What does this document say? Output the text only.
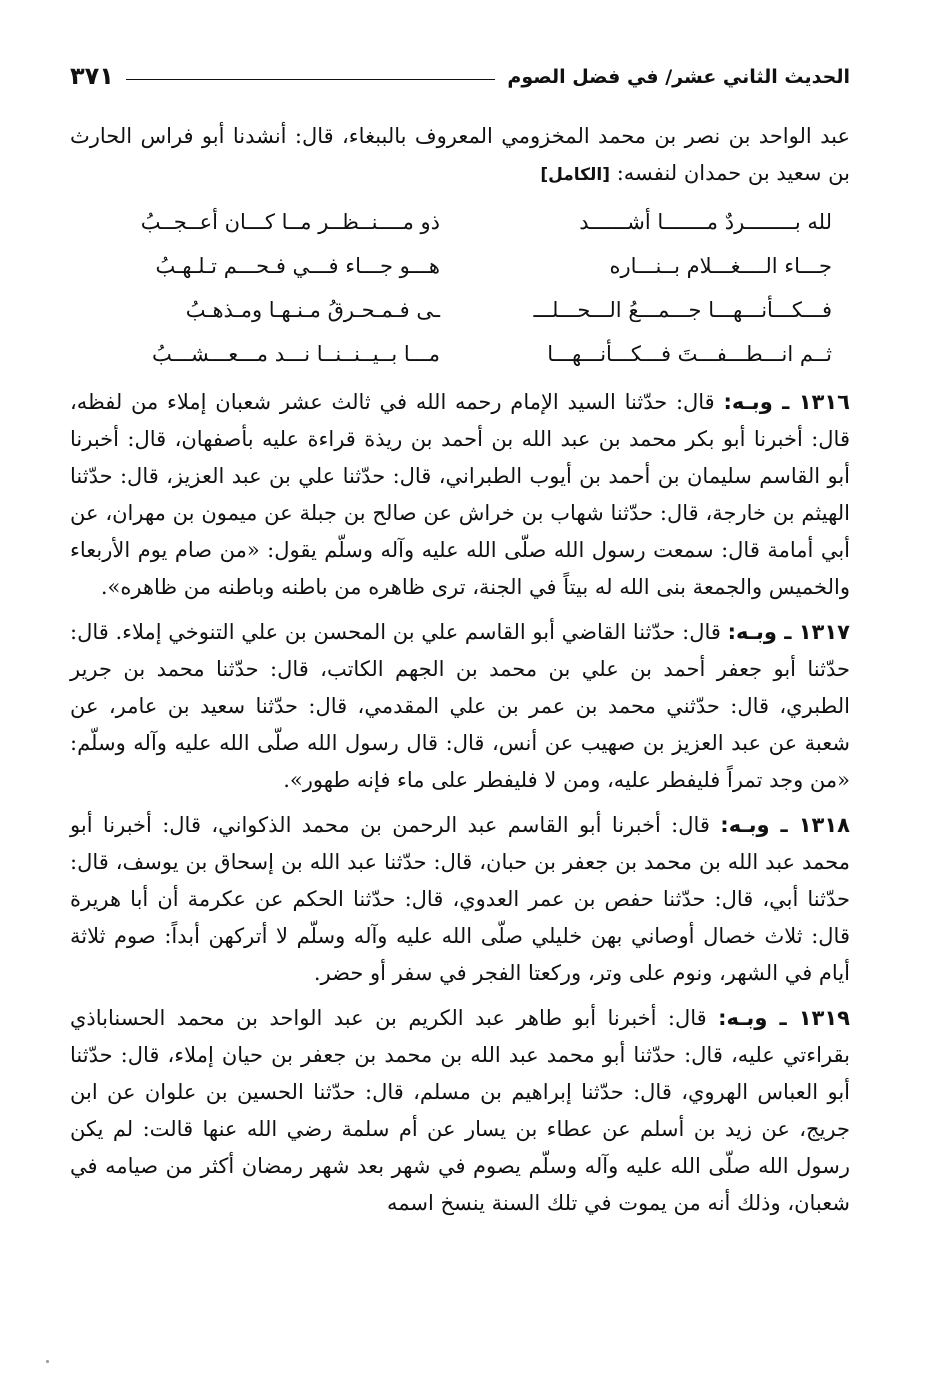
الحديث الثاني عشر/ في فضل الصوم
٣٧١

عبد الواحد بن نصر بن محمد المخزومي المعروف بالببغاء، قال: أنشدنا أبو فراس الحارث بن سعيد بن حمدان لنفسه: [الكامل]

لله بــــــــردٌ مـــــــا أشــــــد
ذو مــــنــظــر مــا كـــان أعــجــبُ
جـــاء الــــغـــلام بــنـــاره
هـــو جـــاء فـــي فـحـــم تـلـهـبُ
فـــكـــأنـــهـــا جـــمـــعُ الـــحـــلـــ
ـى فـمـحـرقُ مـنـهـا ومـذهـبُ
ثــم انـــطـــفـــتَ فـــكـــأنـــهـــا
مـــا بــيــنــنــا نـــد مـــعـــشـــبُ

١٣١٦ ـ وبـه: قال: حدّثنا السيد الإمام رحمه الله في ثالث عشر شعبان إملاء من لفظه، قال: أخبرنا أبو بكر محمد بن عبد الله بن أحمد بن ريذة قراءة عليه بأصفهان، قال: أخبرنا أبو القاسم سليمان بن أحمد بن أيوب الطبراني، قال: حدّثنا علي بن عبد العزيز، قال: حدّثنا الهيثم بن خارجة، قال: حدّثنا شهاب بن خراش عن صالح بن جبلة عن ميمون بن مهران، عن أبي أمامة قال: سمعت رسول الله صلّى الله عليه وآله وسلّم يقول: «من صام يوم الأربعاء والخميس والجمعة بنى الله له بيتاً في الجنة، ترى ظاهره من باطنه وباطنه من ظاهره».

١٣١٧ ـ وبـه: قال: حدّثنا القاضي أبو القاسم علي بن المحسن بن علي التنوخي إملاء. قال: حدّثنا أبو جعفر أحمد بن علي بن محمد بن الجهم الكاتب، قال: حدّثنا محمد بن جرير الطبري، قال: حدّثني محمد بن عمر بن علي المقدمي، قال: حدّثنا سعيد بن عامر، عن شعبة عن عبد العزيز بن صهيب عن أنس، قال: قال رسول الله صلّى الله عليه وآله وسلّم: «من وجد تمراً فليفطر عليه، ومن لا فليفطر على ماء فإنه طهور».

١٣١٨ ـ وبـه: قال: أخبرنا أبو القاسم عبد الرحمن بن محمد الذكواني، قال: أخبرنا أبو محمد عبد الله بن محمد بن جعفر بن حبان، قال: حدّثنا عبد الله بن إسحاق بن يوسف، قال: حدّثنا أبي، قال: حدّثنا حفص بن عمر العدوي، قال: حدّثنا الحكم عن عكرمة أن أبا هريرة قال: ثلاث خصال أوصاني بهن خليلي صلّى الله عليه وآله وسلّم لا أتركهن أبداً: صوم ثلاثة أيام في الشهر، ونوم على وتر، وركعتا الفجر في سفر أو حضر.

١٣١٩ ـ وبـه: قال: أخبرنا أبو طاهر عبد الكريم بن عبد الواحد بن محمد الحسناباذي بقراءتي عليه، قال: حدّثنا أبو محمد عبد الله بن محمد بن جعفر بن حيان إملاء، قال: حدّثنا أبو العباس الهروي، قال: حدّثنا إبراهيم بن مسلم، قال: حدّثنا الحسين بن علوان عن ابن جريج، عن زيد بن أسلم عن عطاء بن يسار عن أم سلمة رضي الله عنها قالت: لم يكن رسول الله صلّى الله عليه وآله وسلّم يصوم في شهر بعد شهر رمضان أكثر من صيامه في شعبان، وذلك أنه من يموت في تلك السنة ينسخ اسمه
